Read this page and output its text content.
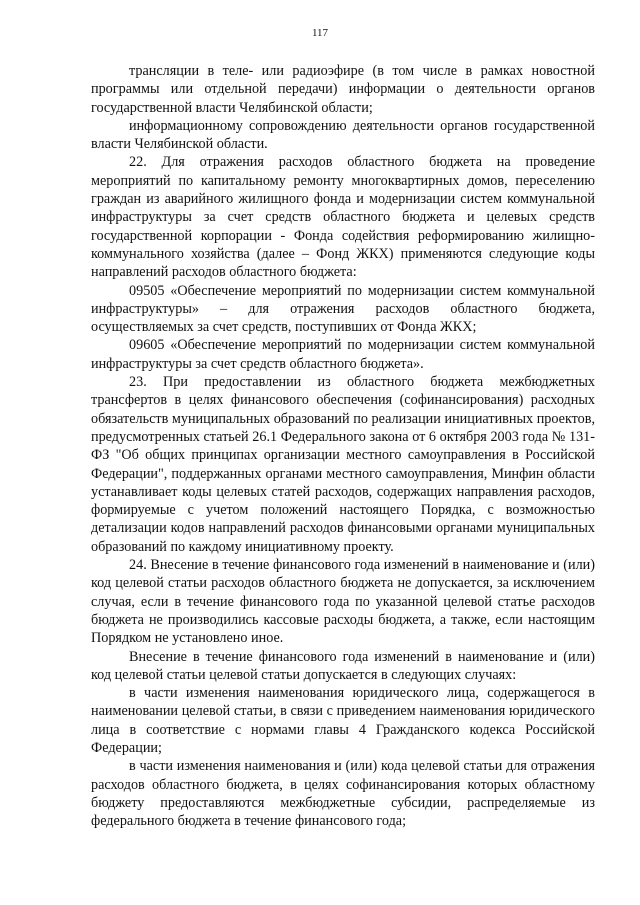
117

трансляции в теле- или радиоэфире (в том числе в рамках новостной программы или отдельной передачи) информации о деятельности органов государственной власти Челябинской области;

информационному сопровождению деятельности органов государственной власти Челябинской области.

22. Для отражения расходов областного бюджета на проведение мероприятий по капитальному ремонту многоквартирных домов, переселению граждан из аварийного жилищного фонда и модернизации систем коммунальной инфраструктуры за счет средств областного бюджета и целевых средств государственной корпорации - Фонда содействия реформированию жилищно-коммунального хозяйства (далее – Фонд ЖКХ) применяются следующие коды направлений расходов областного бюджета:

09505 «Обеспечение мероприятий по модернизации систем коммунальной инфраструктуры» – для отражения расходов областного бюджета, осуществляемых за счет средств, поступивших от Фонда ЖКХ;

09605 «Обеспечение мероприятий по модернизации систем коммунальной инфраструктуры за счет средств областного бюджета».

23. При предоставлении из областного бюджета межбюджетных трансфертов в целях финансового обеспечения (софинансирования) расходных обязательств муниципальных образований по реализации инициативных проектов, предусмотренных статьей 26.1 Федерального закона от 6 октября 2003 года № 131-ФЗ "Об общих принципах организации местного самоуправления в Российской Федерации", поддержанных органами местного самоуправления, Минфин области устанавливает коды целевых статей расходов, содержащих направления расходов, формируемые с учетом положений настоящего Порядка, с возможностью детализации кодов направлений расходов финансовыми органами муниципальных образований по каждому инициативному проекту.

24. Внесение в течение финансового года изменений в наименование и (или) код целевой статьи расходов областного бюджета не допускается, за исключением случая, если в течение финансового года по указанной целевой статье расходов бюджета не производились кассовые расходы бюджета, а также, если настоящим Порядком не установлено иное.

Внесение в течение финансового года изменений в наименование и (или) код целевой статьи целевой статьи допускается в следующих случаях:

в части изменения наименования юридического лица, содержащегося в наименовании целевой статьи, в связи с приведением наименования юридического лица в соответствие с нормами главы 4 Гражданского кодекса Российской Федерации;

в части изменения наименования и (или) кода целевой статьи для отражения расходов областного бюджета, в целях софинансирования которых областному бюджету предоставляются межбюджетные субсидии, распределяемые из федерального бюджета в течение финансового года;
